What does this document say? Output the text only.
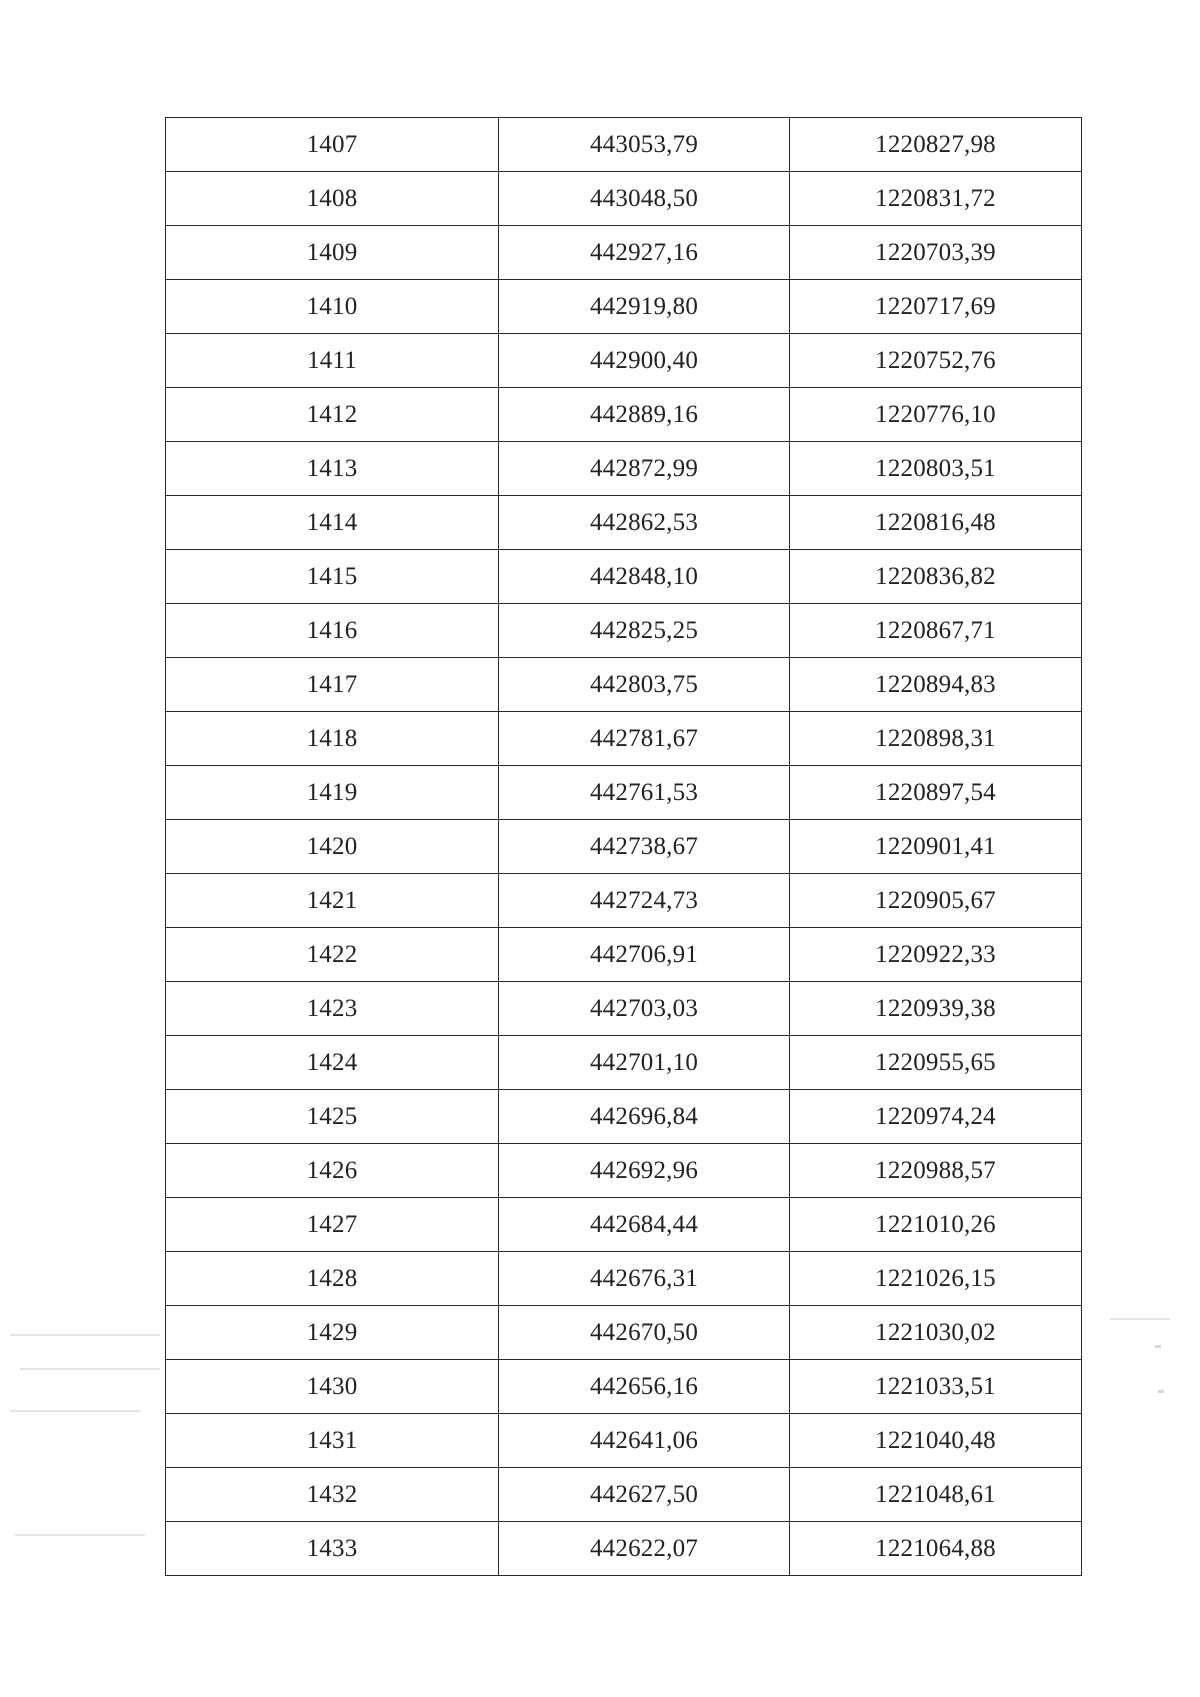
1407	443053,79	1220827,98
1408	443048,50	1220831,72
1409	442927,16	1220703,39
1410	442919,80	1220717,69
1411	442900,40	1220752,76
1412	442889,16	1220776,10
1413	442872,99	1220803,51
1414	442862,53	1220816,48
1415	442848,10	1220836,82
1416	442825,25	1220867,71
1417	442803,75	1220894,83
1418	442781,67	1220898,31
1419	442761,53	1220897,54
1420	442738,67	1220901,41
1421	442724,73	1220905,67
1422	442706,91	1220922,33
1423	442703,03	1220939,38
1424	442701,10	1220955,65
1425	442696,84	1220974,24
1426	442692,96	1220988,57
1427	442684,44	1221010,26
1428	442676,31	1221026,15
1429	442670,50	1221030,02
1430	442656,16	1221033,51
1431	442641,06	1221040,48
1432	442627,50	1221048,61
1433	442622,07	1221064,88
